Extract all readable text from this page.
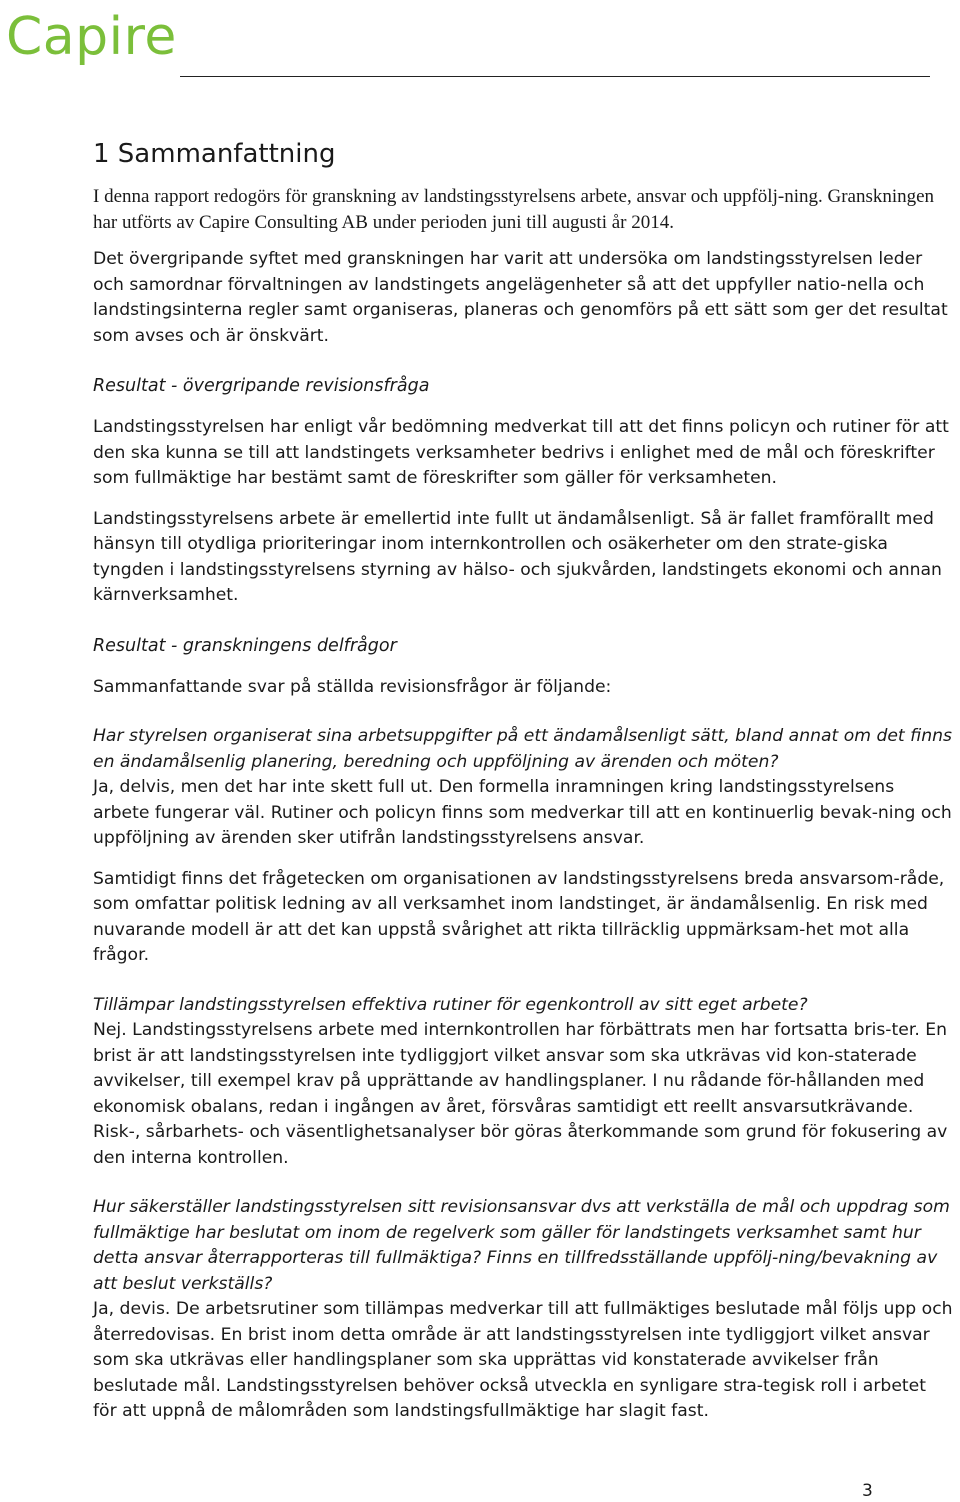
Capire
1 Sammanfattning

I denna rapport redogörs för granskning av landstingsstyrelsens arbete, ansvar och uppfölj-ning. Granskningen har utförts av Capire Consulting AB under perioden juni till augusti år 2014.

Det övergripande syftet med granskningen har varit att undersöka om landstingsstyrelsen leder och samordnar förvaltningen av landstingets angelägenheter så att det uppfyller natio-nella och landstingsinterna regler samt organiseras, planeras och genomförs på ett sätt som ger det resultat som avses och är önskvärt.

Resultat - övergripande revisionsfråga

Landstingsstyrelsen har enligt vår bedömning medverkat till att det finns policyn och rutiner för att den ska kunna se till att landstingets verksamheter bedrivs i enlighet med de mål och föreskrifter som fullmäktige har bestämt samt de föreskrifter som gäller för verksamheten.

Landstingsstyrelsens arbete är emellertid inte fullt ut ändamålsenligt. Så är fallet framförallt med hänsyn till otydliga prioriteringar inom internkontrollen och osäkerheter om den strate-giska tyngden i landstingsstyrelsens styrning av hälso- och sjukvården, landstingets ekonomi och annan kärnverksamhet.

Resultat - granskningens delfrågor

Sammanfattande svar på ställda revisionsfrågor är följande:

Har styrelsen organiserat sina arbetsuppgifter på ett ändamålsenligt sätt, bland annat om det finns en ändamålsenlig planering, beredning och uppföljning av ärenden och möten?

Ja, delvis, men det har inte skett full ut. Den formella inramningen kring landstingsstyrelsens arbete fungerar väl. Rutiner och policyn finns som medverkar till att en kontinuerlig bevak-ning och uppföljning av ärenden sker utifrån landstingsstyrelsens ansvar.

Samtidigt finns det frågetecken om organisationen av landstingsstyrelsens breda ansvarsom-råde, som omfattar politisk ledning av all verksamhet inom landstinget, är ändamålsenlig. En risk med nuvarande modell är att det kan uppstå svårighet att rikta tillräcklig uppmärksam-het mot alla frågor.

Tillämpar landstingsstyrelsen effektiva rutiner för egenkontroll av sitt eget arbete?

Nej. Landstingsstyrelsens arbete med internkontrollen har förbättrats men har fortsatta bris-ter. En brist är att landstingsstyrelsen inte tydliggjort vilket ansvar som ska utkrävas vid kon-staterade avvikelser, till exempel krav på upprättande av handlingsplaner. I nu rådande för-hållanden med ekonomisk obalans, redan i ingången av året, försvåras samtidigt ett reellt ansvarsutkrävande. Risk-, sårbarhets- och väsentlighetsanalyser bör göras återkommande som grund för fokusering av den interna kontrollen.

Hur säkerställer landstingsstyrelsen sitt revisionsansvar dvs att verkställa de mål och uppdrag som fullmäktige har beslutat om inom de regelverk som gäller för landstingets verksamhet samt hur detta ansvar återrapporteras till fullmäktiga? Finns en tillfredsställande uppfölj-ning/bevakning av att beslut verkställs?

Ja, devis. De arbetsrutiner som tillämpas medverkar till att fullmäktiges beslutade mål följs upp och återredovisas. En brist inom detta område är att landstingsstyrelsen inte tydliggjort vilket ansvar som ska utkrävas eller handlingsplaner som ska upprättas vid konstaterade avvikelser från beslutade mål. Landstingsstyrelsen behöver också utveckla en synligare stra-tegisk roll i arbetet för att uppnå de målområden som landstingsfullmäktige har slagit fast.

3
